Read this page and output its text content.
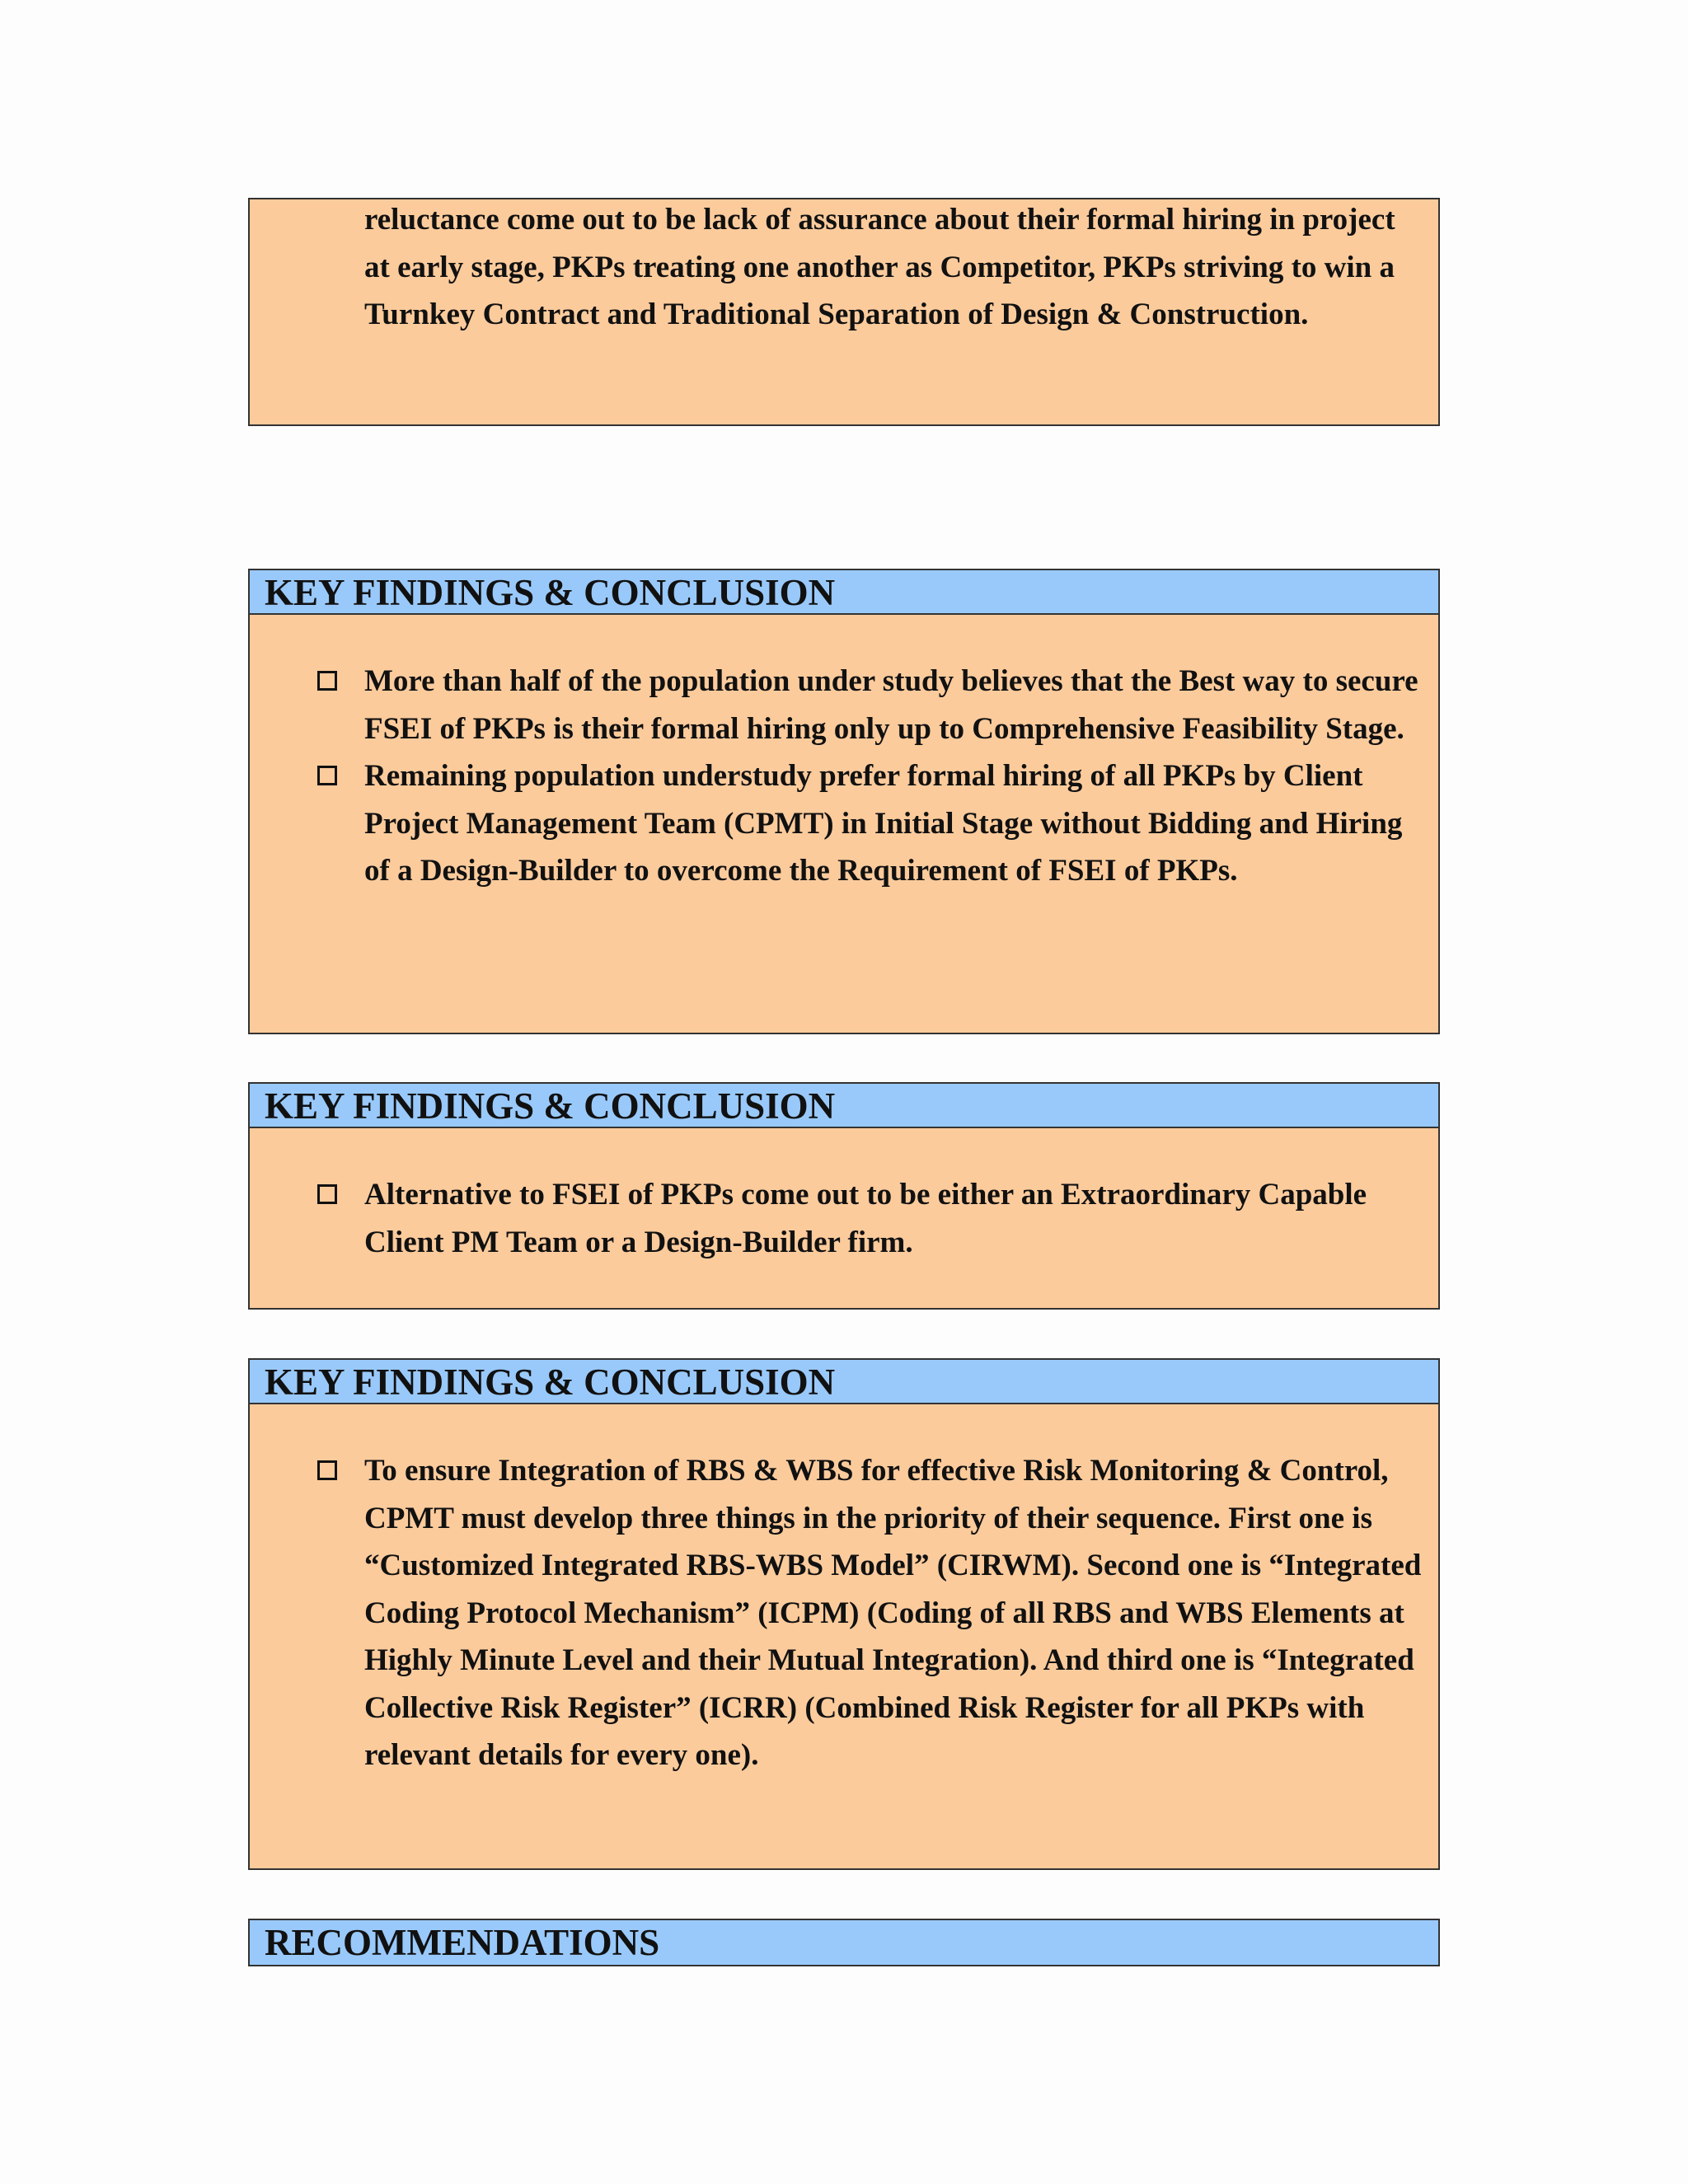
reluctance come out to be lack of assurance about their formal hiring in project at early stage, PKPs treating one another as Competitor, PKPs striving to win a Turnkey Contract and Traditional Separation of Design & Construction.
KEY FINDINGS & CONCLUSION
More than half of the population under study believes that the Best way to secure FSEI of PKPs is their formal hiring only up to Comprehensive Feasibility Stage.
Remaining population understudy prefer formal hiring of all PKPs by Client Project Management Team (CPMT) in Initial Stage without Bidding and Hiring of a Design-Builder to overcome the Requirement of FSEI of PKPs.
KEY FINDINGS & CONCLUSION
Alternative to FSEI of PKPs come out to be either an Extraordinary Capable Client PM Team or a Design-Builder firm.
KEY FINDINGS & CONCLUSION
To ensure Integration of RBS & WBS for effective Risk Monitoring & Control, CPMT must develop three things in the priority of their sequence. First one is “Customized Integrated RBS-WBS Model” (CIRWM). Second one is “Integrated Coding Protocol Mechanism” (ICPM) (Coding of all RBS and WBS Elements at Highly Minute Level and their Mutual Integration). And third one is “Integrated Collective Risk Register” (ICRR) (Combined Risk Register for all PKPs with relevant details for every one).
RECOMMENDATIONS
